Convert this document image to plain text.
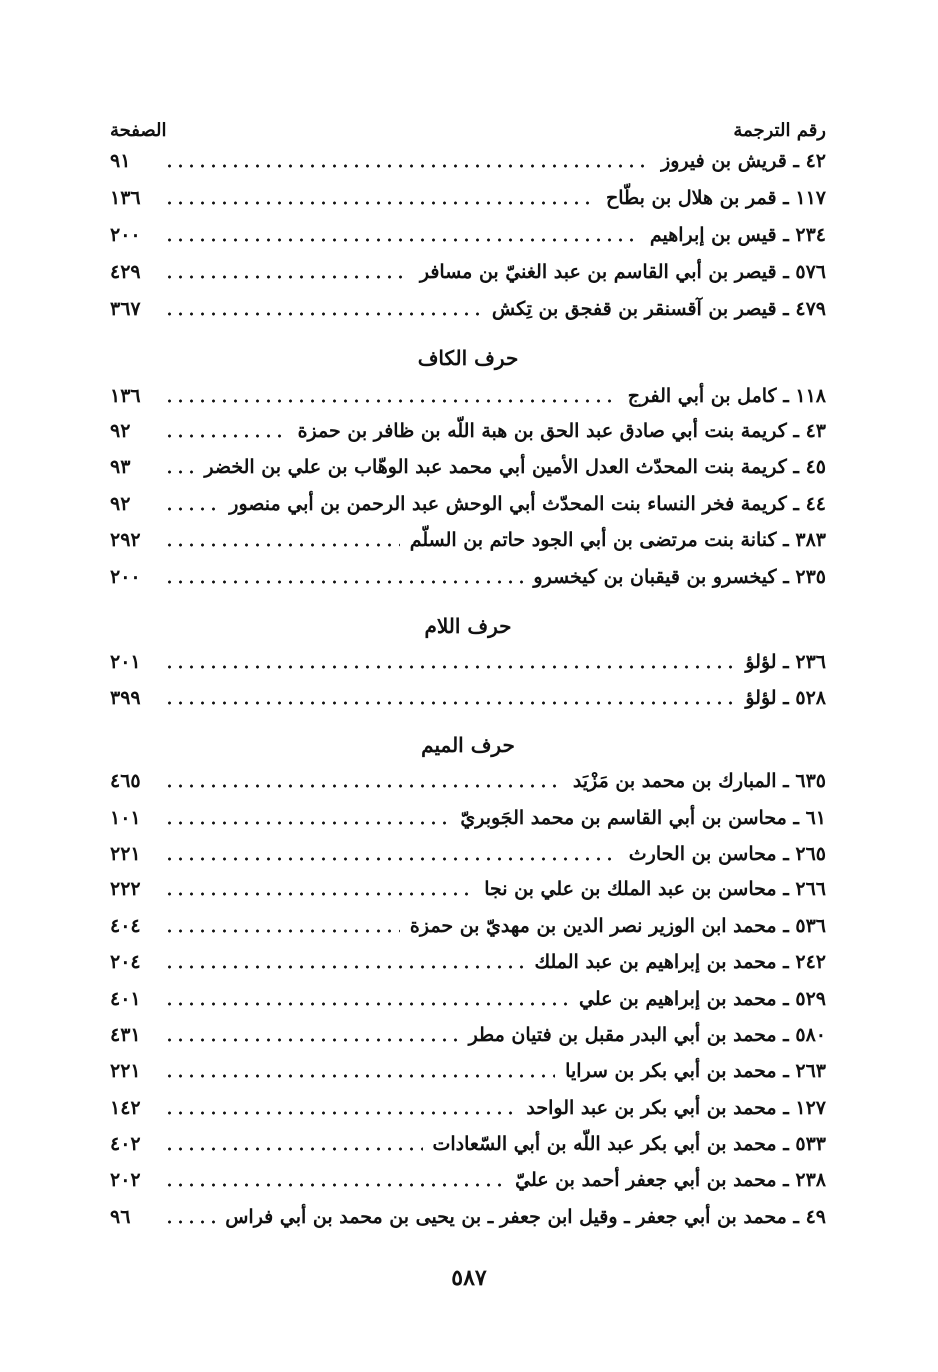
رقم الترجمة
الصفحة
٤٢ ـ قريش بن فيروز
٩١
١١٧ ـ قمر بن هلال بن بطّاح
١٣٦
٢٣٤ ـ قيس بن إبراهيم
٢٠٠
٥٧٦ ـ قيصر بن أبي القاسم بن عبد الغنيّ بن مسافر
٤٢٩
٤٧٩ ـ قيصر بن آقسنقر بن قفجق بن تِكش
٣٦٧
حرف الكاف
١١٨ ـ كامل بن أبي الفرج
١٣٦
٤٣ ـ كريمة بنت أبي صادق عبد الحق بن هبة اللّه بن ظافر بن حمزة
٩٢
٤٥ ـ كريمة بنت المحدّث العدل الأمين أبي محمد عبد الوهّاب بن علي بن الخضر
٩٣
٤٤ ـ كريمة فخر النساء بنت المحدّث أبي الوحش عبد الرحمن بن أبي منصور
٩٢
٣٨٣ ـ كنانة بنت مرتضى بن أبي الجود حاتم بن السلّم
٢٩٢
٢٣٥ ـ كيخسرو بن قيقبان بن كيخسرو
٢٠٠
حرف اللام
٢٣٦ ـ لؤلؤ
٢٠١
٥٢٨ ـ لؤلؤ
٣٩٩
حرف الميم
٦٣٥ ـ المبارك بن محمد بن مَزْيَد
٤٦٥
٦١ ـ محاسن بن أبي القاسم بن محمد الجَوبريّ
١٠١
٢٦٥ ـ محاسن بن الحارث
٢٢١
٢٦٦ ـ محاسن بن عبد الملك بن علي بن نجا
٢٢٢
٥٣٦ ـ محمد ابن الوزير نصر الدين بن مهديّ بن حمزة
٤٠٤
٢٤٢ ـ محمد بن إبراهيم بن عبد الملك
٢٠٤
٥٢٩ ـ محمد بن إبراهيم بن علي
٤٠١
٥٨٠ ـ محمد بن أبي البدر مقبل بن فتيان مطر
٤٣١
٢٦٣ ـ محمد بن أبي بكر بن سرايا
٢٢١
١٢٧ ـ محمد بن أبي بكر بن عبد الواحد
١٤٢
٥٣٣ ـ محمد بن أبي بكر عبد اللّه بن أبي السّعادات
٤٠٢
٢٣٨ ـ محمد بن أبي جعفر أحمد بن عليّ
٢٠٢
٤٩ ـ محمد بن أبي جعفر ـ وقيل ابن جعفر ـ بن يحيى بن محمد بن أبي فراس
٩٦
٥٨٧
